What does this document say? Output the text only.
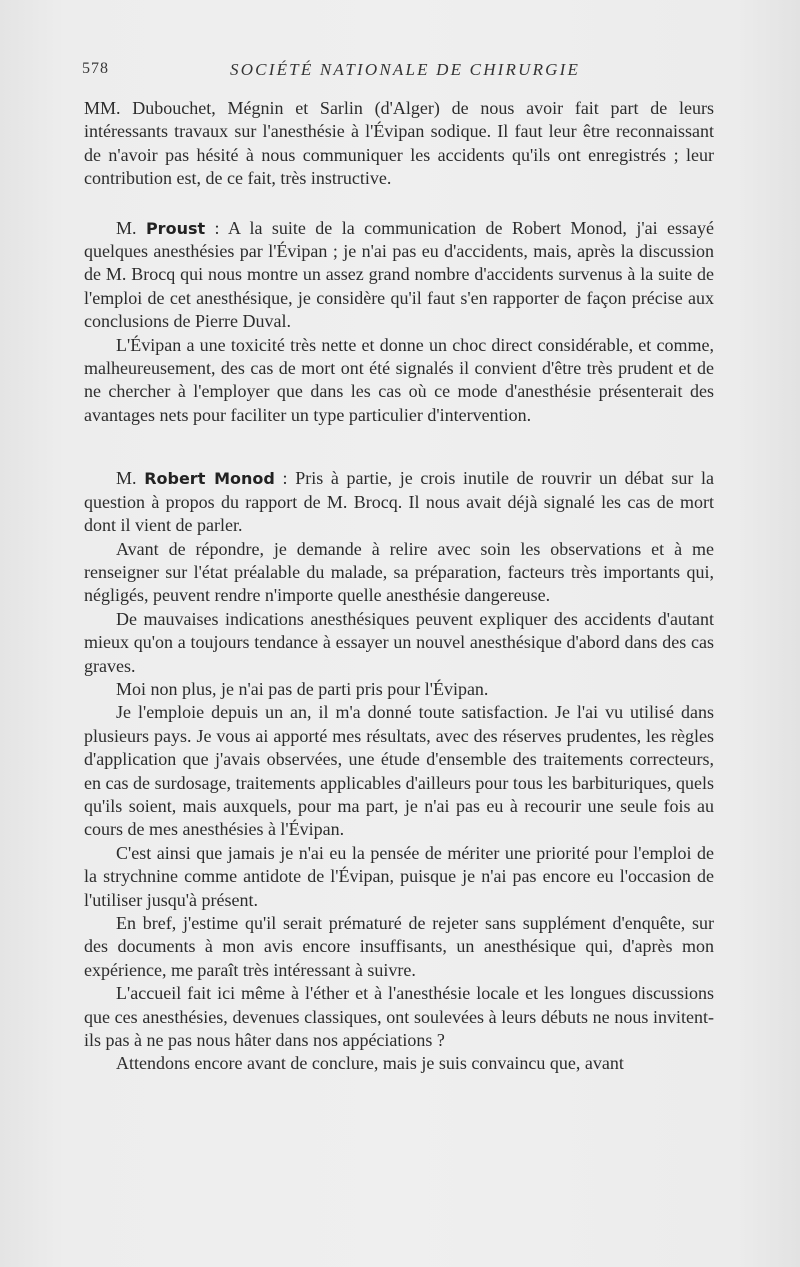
578	SOCIÉTÉ NATIONALE DE CHIRURGIE

MM. Dubouchet, Mégnin et Sarlin (d'Alger) de nous avoir fait part de leurs intéressants travaux sur l'anesthésie à l'Évipan sodique. Il faut leur être reconnaissant de n'avoir pas hésité à nous communiquer les accidents qu'ils ont enregistrés ; leur contribution est, de ce fait, très instructive.

M. Proust : A la suite de la communication de Robert Monod, j'ai essayé quelques anesthésies par l'Évipan ; je n'ai pas eu d'accidents, mais, après la discussion de M. Brocq qui nous montre un assez grand nombre d'accidents survenus à la suite de l'emploi de cet anesthésique, je considère qu'il faut s'en rapporter de façon précise aux conclusions de Pierre Duval.

L'Évipan a une toxicité très nette et donne un choc direct considérable, et comme, malheureusement, des cas de mort ont été signalés il convient d'être très prudent et de ne chercher à l'employer que dans les cas où ce mode d'anesthésie présenterait des avantages nets pour faciliter un type particulier d'intervention.

M. Robert Monod : Pris à partie, je crois inutile de rouvrir un débat sur la question à propos du rapport de M. Brocq. Il nous avait déjà signalé les cas de mort dont il vient de parler.

Avant de répondre, je demande à relire avec soin les observations et à me renseigner sur l'état préalable du malade, sa préparation, facteurs très importants qui, négligés, peuvent rendre n'importe quelle anesthésie dangereuse.

De mauvaises indications anesthésiques peuvent expliquer des accidents d'autant mieux qu'on a toujours tendance à essayer un nouvel anesthésique d'abord dans des cas graves.

Moi non plus, je n'ai pas de parti pris pour l'Évipan.

Je l'emploie depuis un an, il m'a donné toute satisfaction. Je l'ai vu utilisé dans plusieurs pays. Je vous ai apporté mes résultats, avec des réserves prudentes, les règles d'application que j'avais observées, une étude d'ensemble des traitements correcteurs, en cas de surdosage, traitements applicables d'ailleurs pour tous les barbituriques, quels qu'ils soient, mais auxquels, pour ma part, je n'ai pas eu à recourir une seule fois au cours de mes anesthésies à l'Évipan.

C'est ainsi que jamais je n'ai eu la pensée de mériter une priorité pour l'emploi de la strychnine comme antidote de l'Évipan, puisque je n'ai pas encore eu l'occasion de l'utiliser jusqu'à présent.

En bref, j'estime qu'il serait prématuré de rejeter sans supplément d'enquête, sur des documents à mon avis encore insuffisants, un anesthésique qui, d'après mon expérience, me paraît très intéressant à suivre.

L'accueil fait ici même à l'éther et à l'anesthésie locale et les longues discussions que ces anesthésies, devenues classiques, ont soulevées à leurs débuts ne nous invitent-ils pas à ne pas nous hâter dans nos appéciations ?

Attendons encore avant de conclure, mais je suis convaincu que, avant
